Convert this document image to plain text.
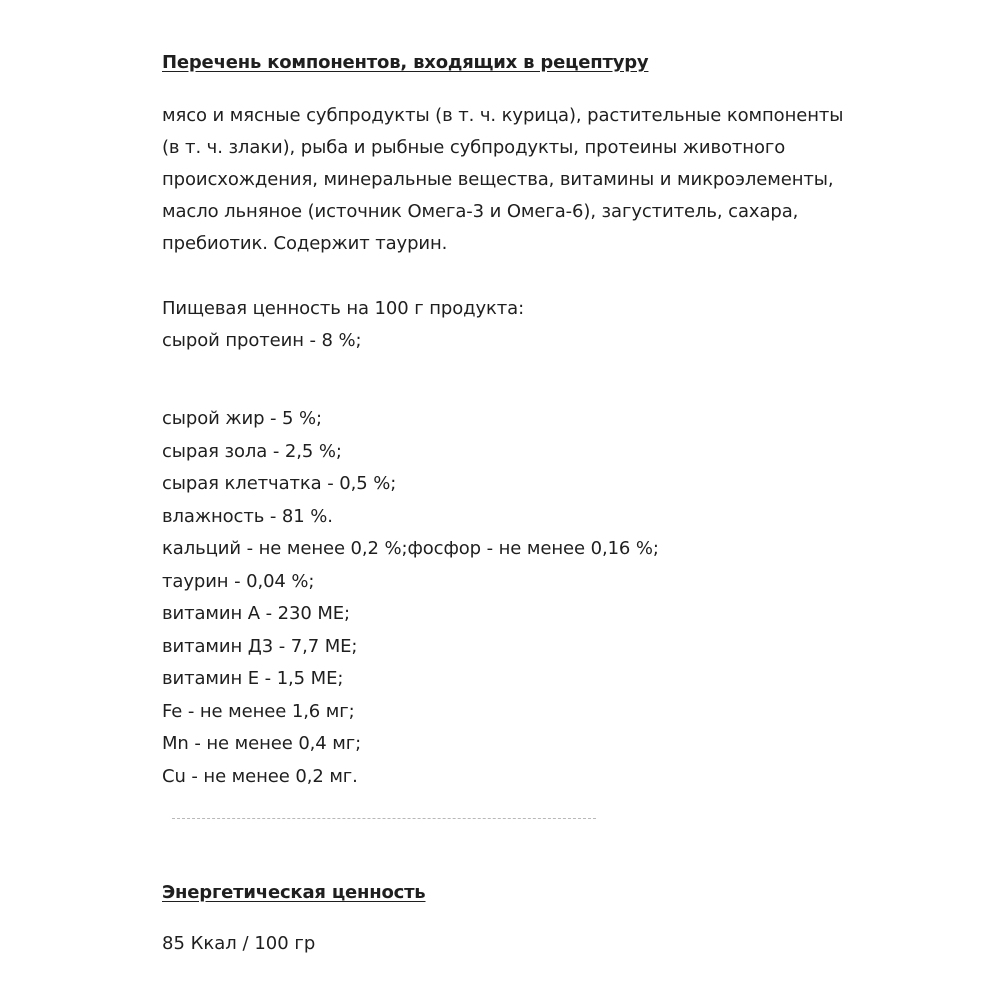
Перечень компонентов, входящих в рецептуру

мясо и мясные субпродукты (в т. ч. курица), растительные компоненты
(в т. ч. злаки), рыба и рыбные субпродукты, протеины животного
происхождения, минеральные вещества, витамины и микроэлементы,
масло льняное (источник Омега-3 и Омега-6), загуститель, сахара,
пребиотик. Содержит таурин.

Пищевая ценность на 100 г продукта:
сырой протеин - 8 %;

сырой жир - 5 %;
сырая зола - 2,5 %;
сырая клетчатка - 0,5 %;
влажность - 81 %.
кальций - не менее 0,2 %;фосфор - не менее 0,16 %;
таурин - 0,04 %;
витамин А - 230 МЕ;
витамин Д3 - 7,7 МЕ;
витамин Е - 1,5 МЕ;
Fe - не менее 1,6 мг;
Mn - не менее 0,4 мг;
Cu - не менее 0,2 мг.
Энергетическая ценность

85 Ккал / 100 гр
